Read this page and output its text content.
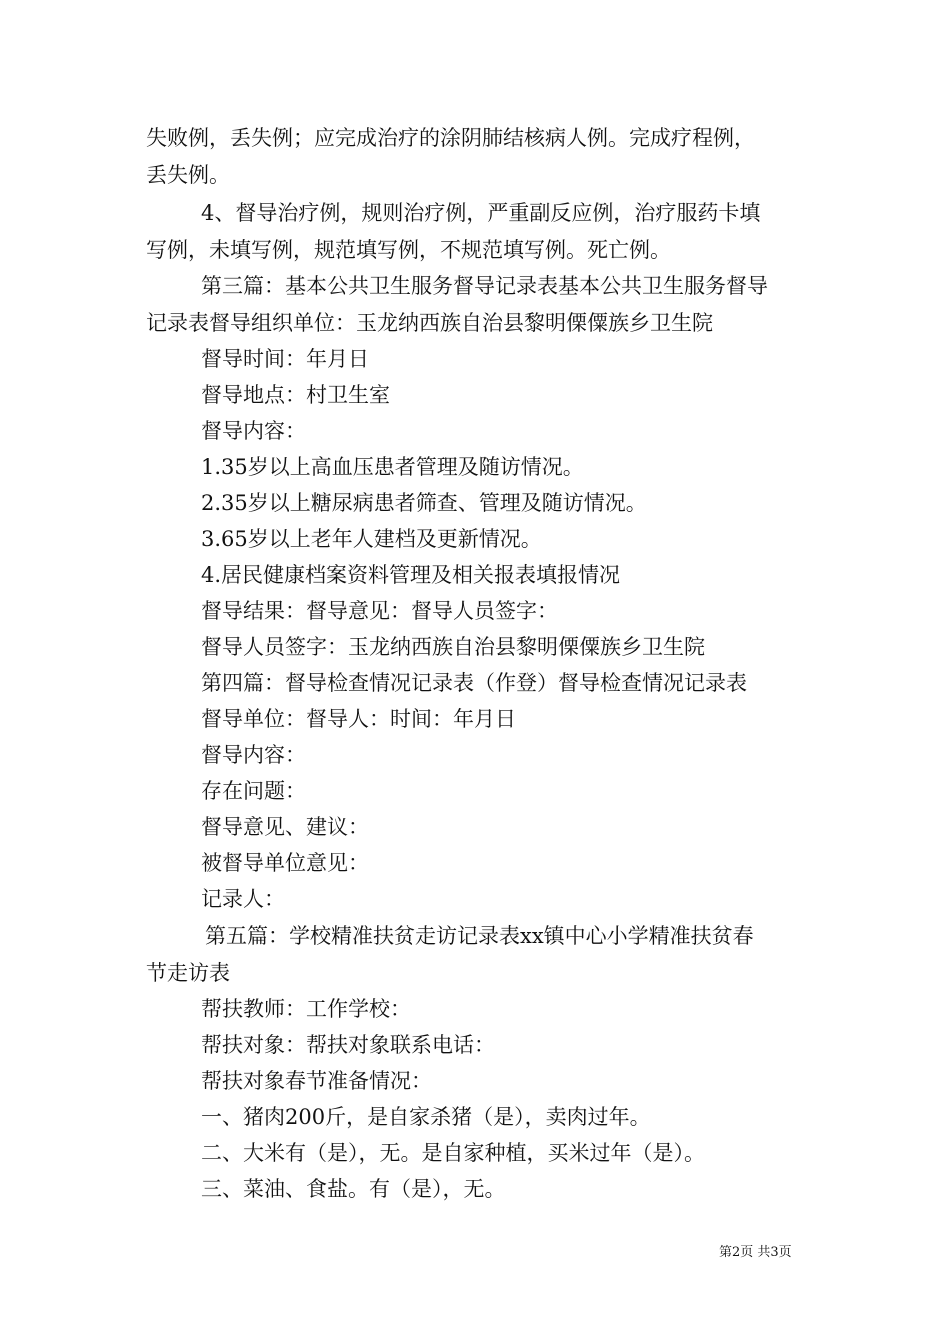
失败例，丢失例；应完成治疗的涂阴肺结核病人例。完成疗程例，
丢失例。
4、督导治疗例，规则治疗例，严重副反应例，治疗服药卡填
写例，未填写例，规范填写例，不规范填写例。死亡例。
第三篇：基本公共卫生服务督导记录表基本公共卫生服务督导
记录表督导组织单位：玉龙纳西族自治县黎明傈僳族乡卫生院
督导时间：年月日
督导地点：村卫生室
督导内容：
1.35岁以上高血压患者管理及随访情况。
2.35岁以上糖尿病患者筛查、管理及随访情况。
3.65岁以上老年人建档及更新情况。
4.居民健康档案资料管理及相关报表填报情况
督导结果：督导意见：督导人员签字：
督导人员签字：玉龙纳西族自治县黎明傈僳族乡卫生院
第四篇：督导检查情况记录表（作登）督导检查情况记录表
督导单位：督导人：时间：年月日
督导内容：
存在问题：
督导意见、建议：
被督导单位意见：
记录人：
第五篇：学校精准扶贫走访记录表xx镇中心小学精准扶贫春
节走访表
帮扶教师：工作学校：
帮扶对象：帮扶对象联系电话：
帮扶对象春节准备情况：
一、猪肉200斤，是自家杀猪（是），卖肉过年。
二、大米有（是），无。是自家种植，买米过年（是）。
三、菜油、食盐。有（是），无。
第2页 共3页
